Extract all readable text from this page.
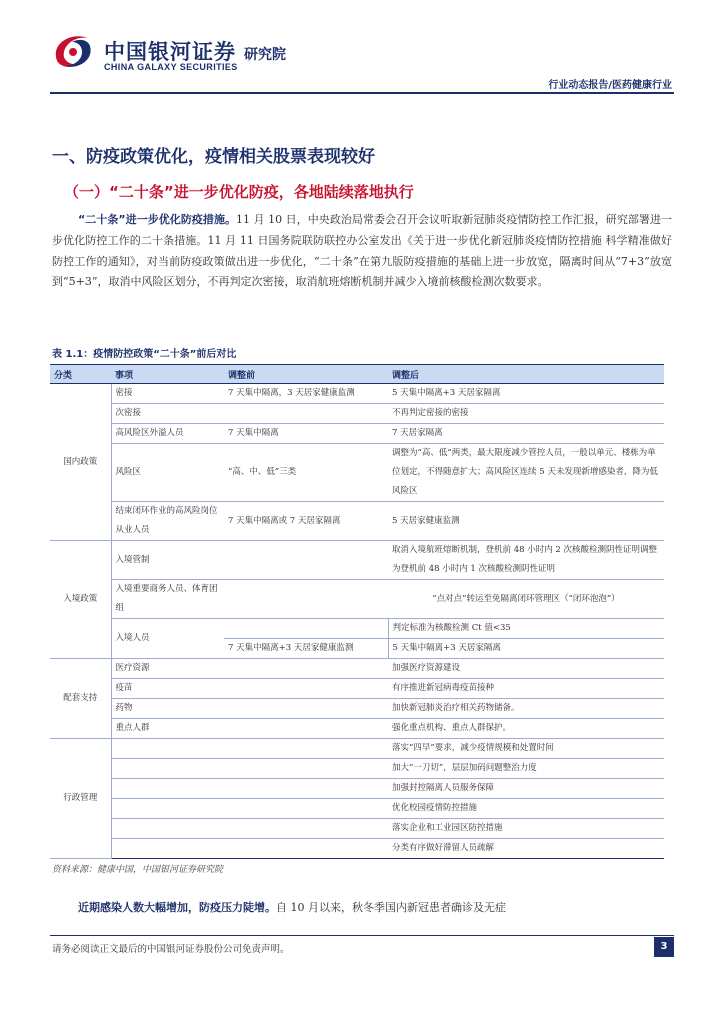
中国银河证券 研究院
CHINA GALAXY SECURITIES
行业动态报告/医药健康行业
一、防疫政策优化，疫情相关股票表现较好
（一）“二十条”进一步优化防疫，各地陆续落地执行
“二十条”进一步优化防疫措施。11 月 10 日，中央政治局常委会召开会议听取新冠肺炎疫情防控工作汇报，研究部署进一步优化防控工作的二十条措施。11 月 11 日国务院联防联控办公室发出《关于进一步优化新冠肺炎疫情防控措施 科学精准做好防控工作的通知》，对当前防疫政策做出进一步优化，“二十条”在第九版防疫措施的基础上进一步放宽，隔离时间从“7+3”放宽到“5+3”，取消中风险区划分，不再判定次密接，取消航班熔断机制并减少入境前核酸检测次数要求。
表 1.1：疫情防控政策“二十条”前后对比
分类	事项	调整前	调整后
国内政策	密接	7 天集中隔离，3 天居家健康监测	5 天集中隔离+3 天居家隔离
	次密接		不再判定密接的密接
	高风险区外溢人员	7 天集中隔离	7 天居家隔离
	风险区	“高、中、低”三类	调整为“高、低”两类，最大限度减少管控人员，一般以单元、楼栋为单位划定，不得随意扩大；高风险区连续 5 天未发现新增感染者，降为低风险区
	结束闭环作业的高风险岗位从业人员	7 天集中隔离或 7 天居家隔离	5 天居家健康监测
入境政策	入境管制		取消入境航班熔断机制，登机前 48 小时内 2 次核酸检测阴性证明调整为登机前 48 小时内 1 次核酸检测阴性证明
	入境重要商务人员、体育团组		“点对点”转运至免隔离闭环管理区（“闭环泡泡”）
	入境人员		判定标准为核酸检测 Ct 值<35
		7 天集中隔离+3 天居家健康监测	5 天集中隔离+3 天居家隔离
配套支持	医疗资源		加强医疗资源建设
	疫苗		有序推进新冠病毒疫苗接种
	药物		加快新冠肺炎治疗相关药物储备。
	重点人群		强化重点机构、重点人群保护。
行政管理			落实“四早”要求，减少疫情规模和处置时间
			加大“一刀切”，层层加码问题整治力度
			加强封控隔离人员服务保障
			优化校园疫情防控措施
			落实企业和工业园区防控措施
			分类有序做好滞留人员疏解
资料来源：健康中国，中国银河证券研究院
近期感染人数大幅增加，防疫压力陡增。自 10 月以来，秋冬季国内新冠患者确诊及无症
请务必阅读正文最后的中国银河证券股份公司免责声明。	3
